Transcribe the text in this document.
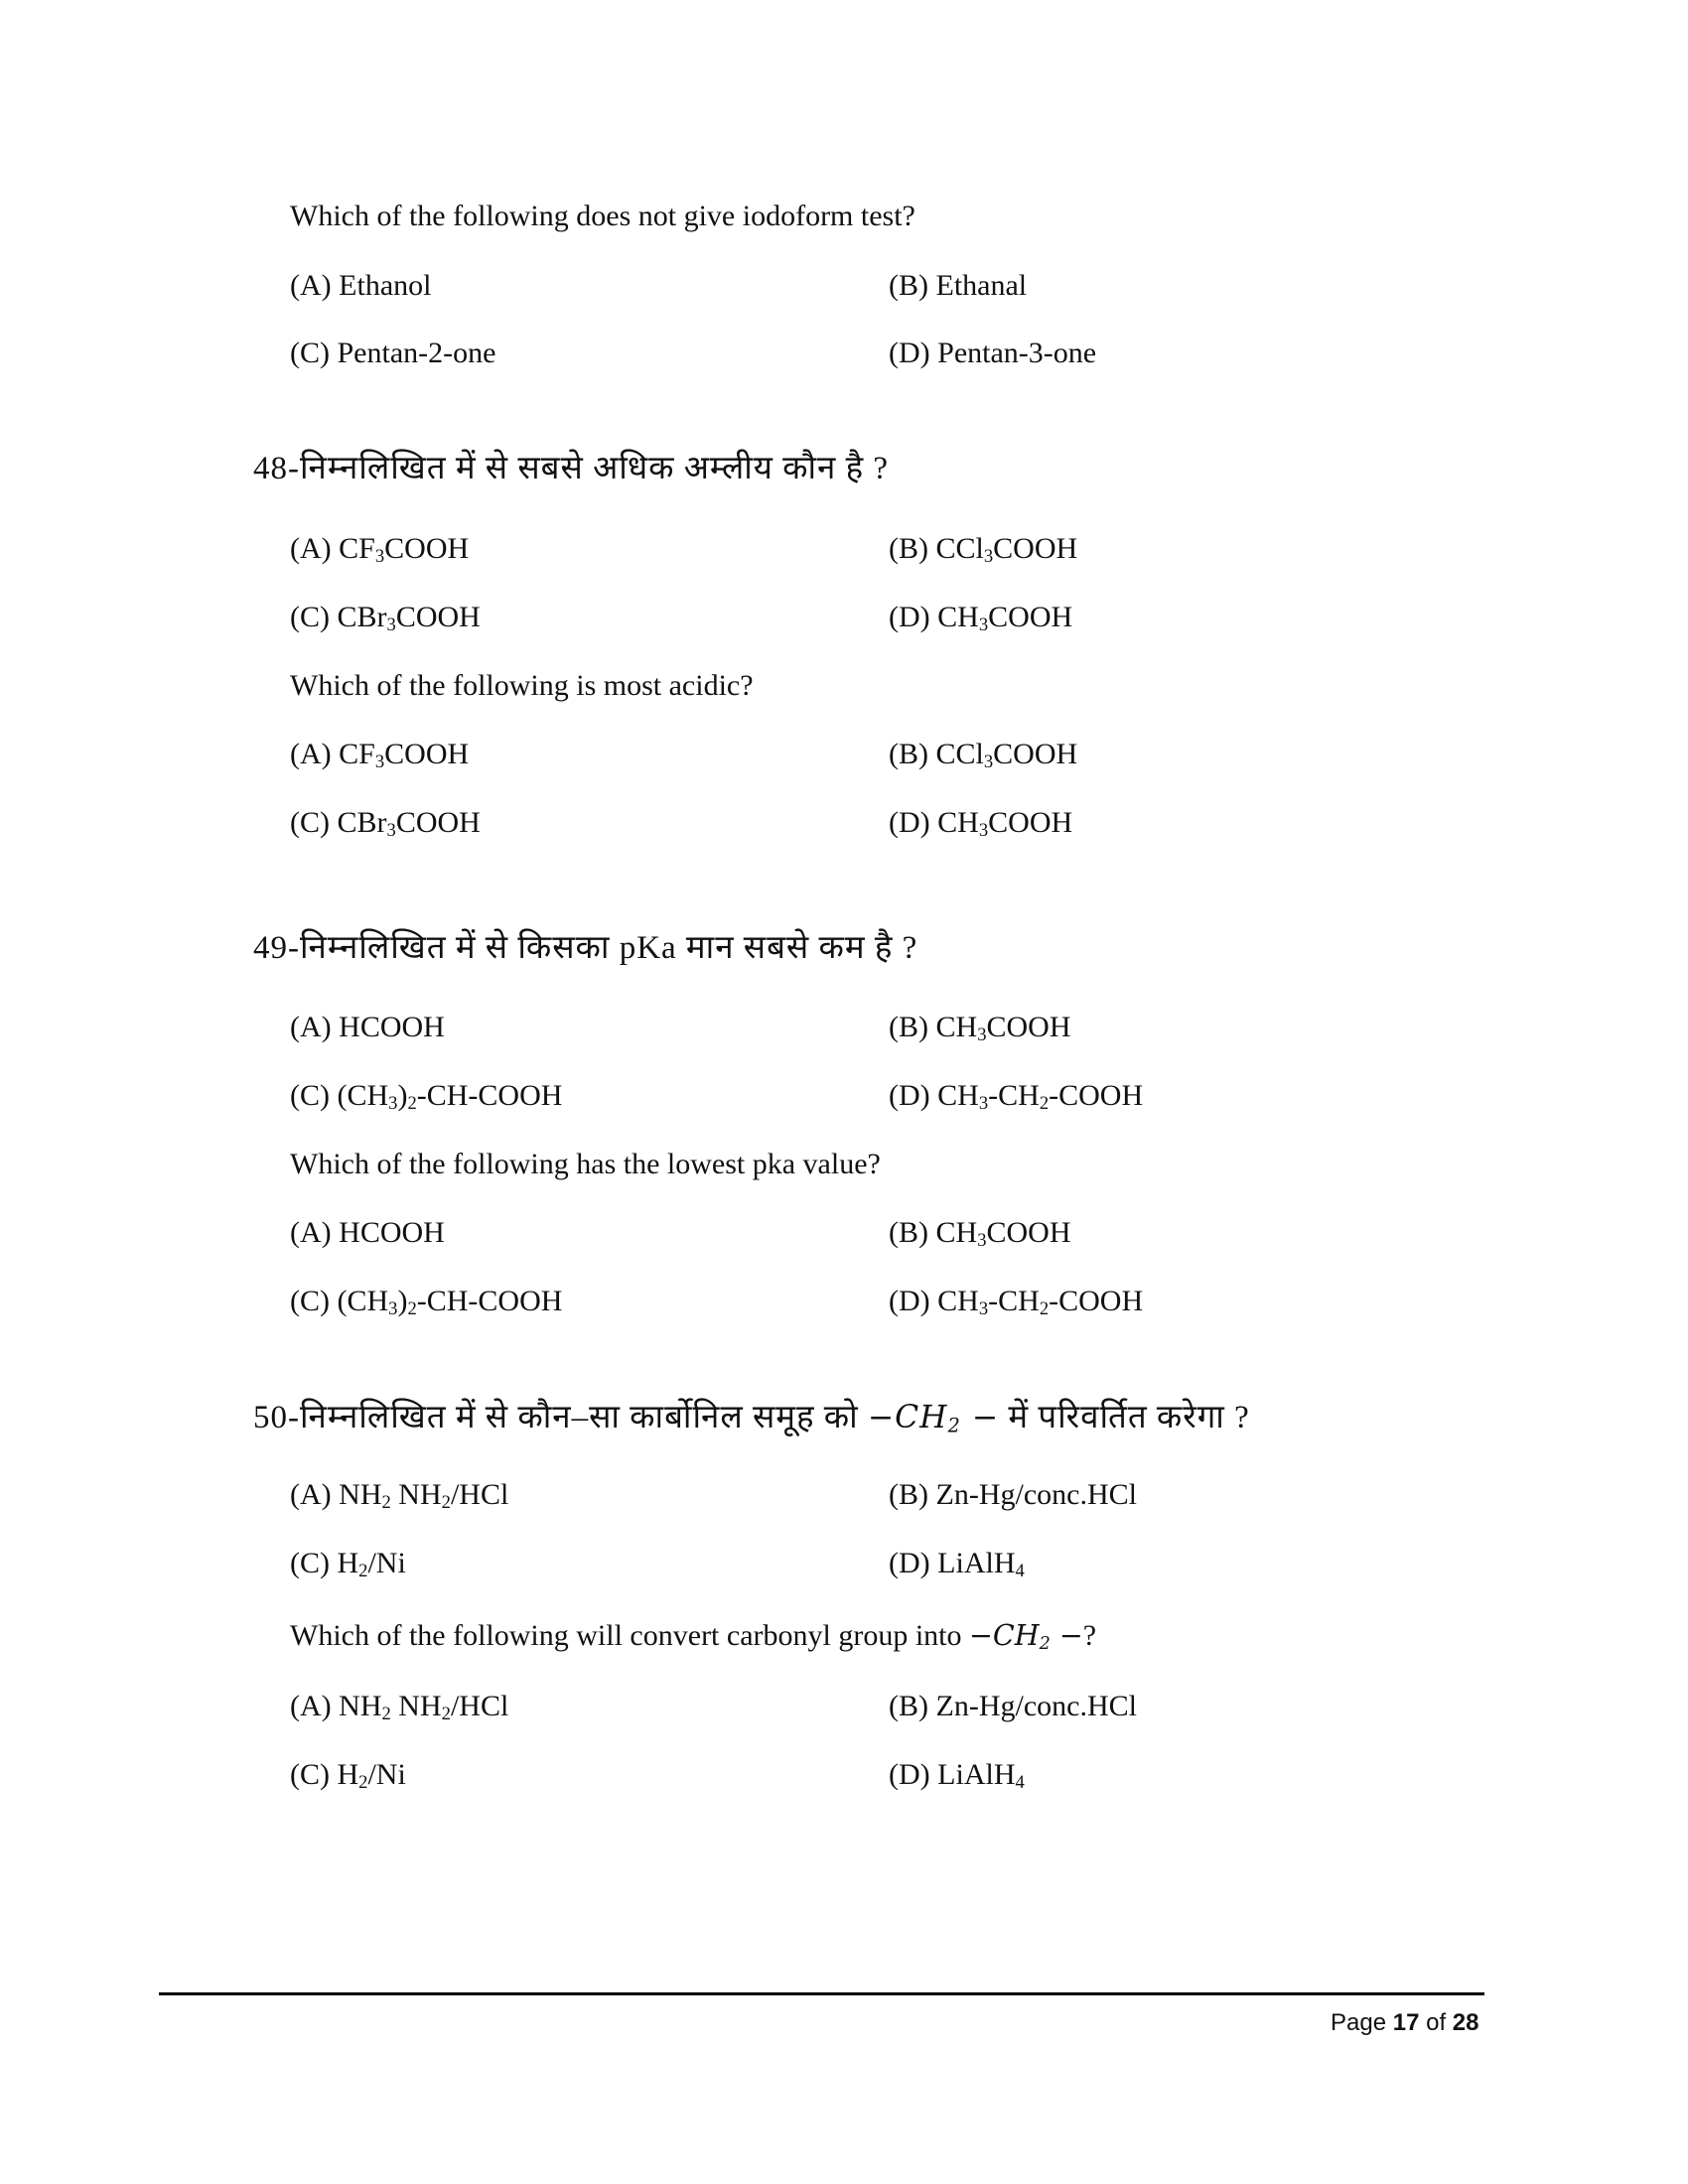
Which of the following does not give iodoform test?
(A) Ethanol	(B) Ethanal
(C) Pentan-2-one	(D) Pentan-3-one
48-निम्नलिखित में से सबसे अधिक अम्लीय कौन है ?
(A) $CF_3COOH$	(B) CCl$_3$COOH
(C) CBr$_3$COOH	(D) $CH_3COOH$
Which of the following is most acidic?
(A) $CF_3COOH$	(B) CCl$_3$COOH
(C) CBr$_3$COOH	(D) $CH_3COOH$
49-निम्नलिखित में से किसका pKa मान सबसे कम है ?
(A) HCOOH	(B) $CH_3COOH$
(C) $(CH_3)_2-CH$-COOH	(D) $CH_3-CH_2$-COOH
Which of the following has the lowest pka value?
(A) HCOOH	(B) $CH_3COOH$
(C) $(CH_3)_2-CH$-COOH	(D) $CH_3-CH_2$-COOH
50-निम्नलिखित में से कौन–सा कार्बोनिल समूह को $-CH_2$ − में परिवर्तित करेगा ?
(A) $NH_2$ $NH_2$/HCl	(B) Zn-Hg/conc.HCl
(C) $H_2/Ni$	(D) LiAlH$_4$
Which of the following will convert carbonyl group into $-CH_2$ −?
(A) $NH_2$ $NH_2$/HCl	(B) Zn-Hg/conc.HCl
(C) $H_2/Ni$	(D) LiAlH$_4$
Page 17 of 28
